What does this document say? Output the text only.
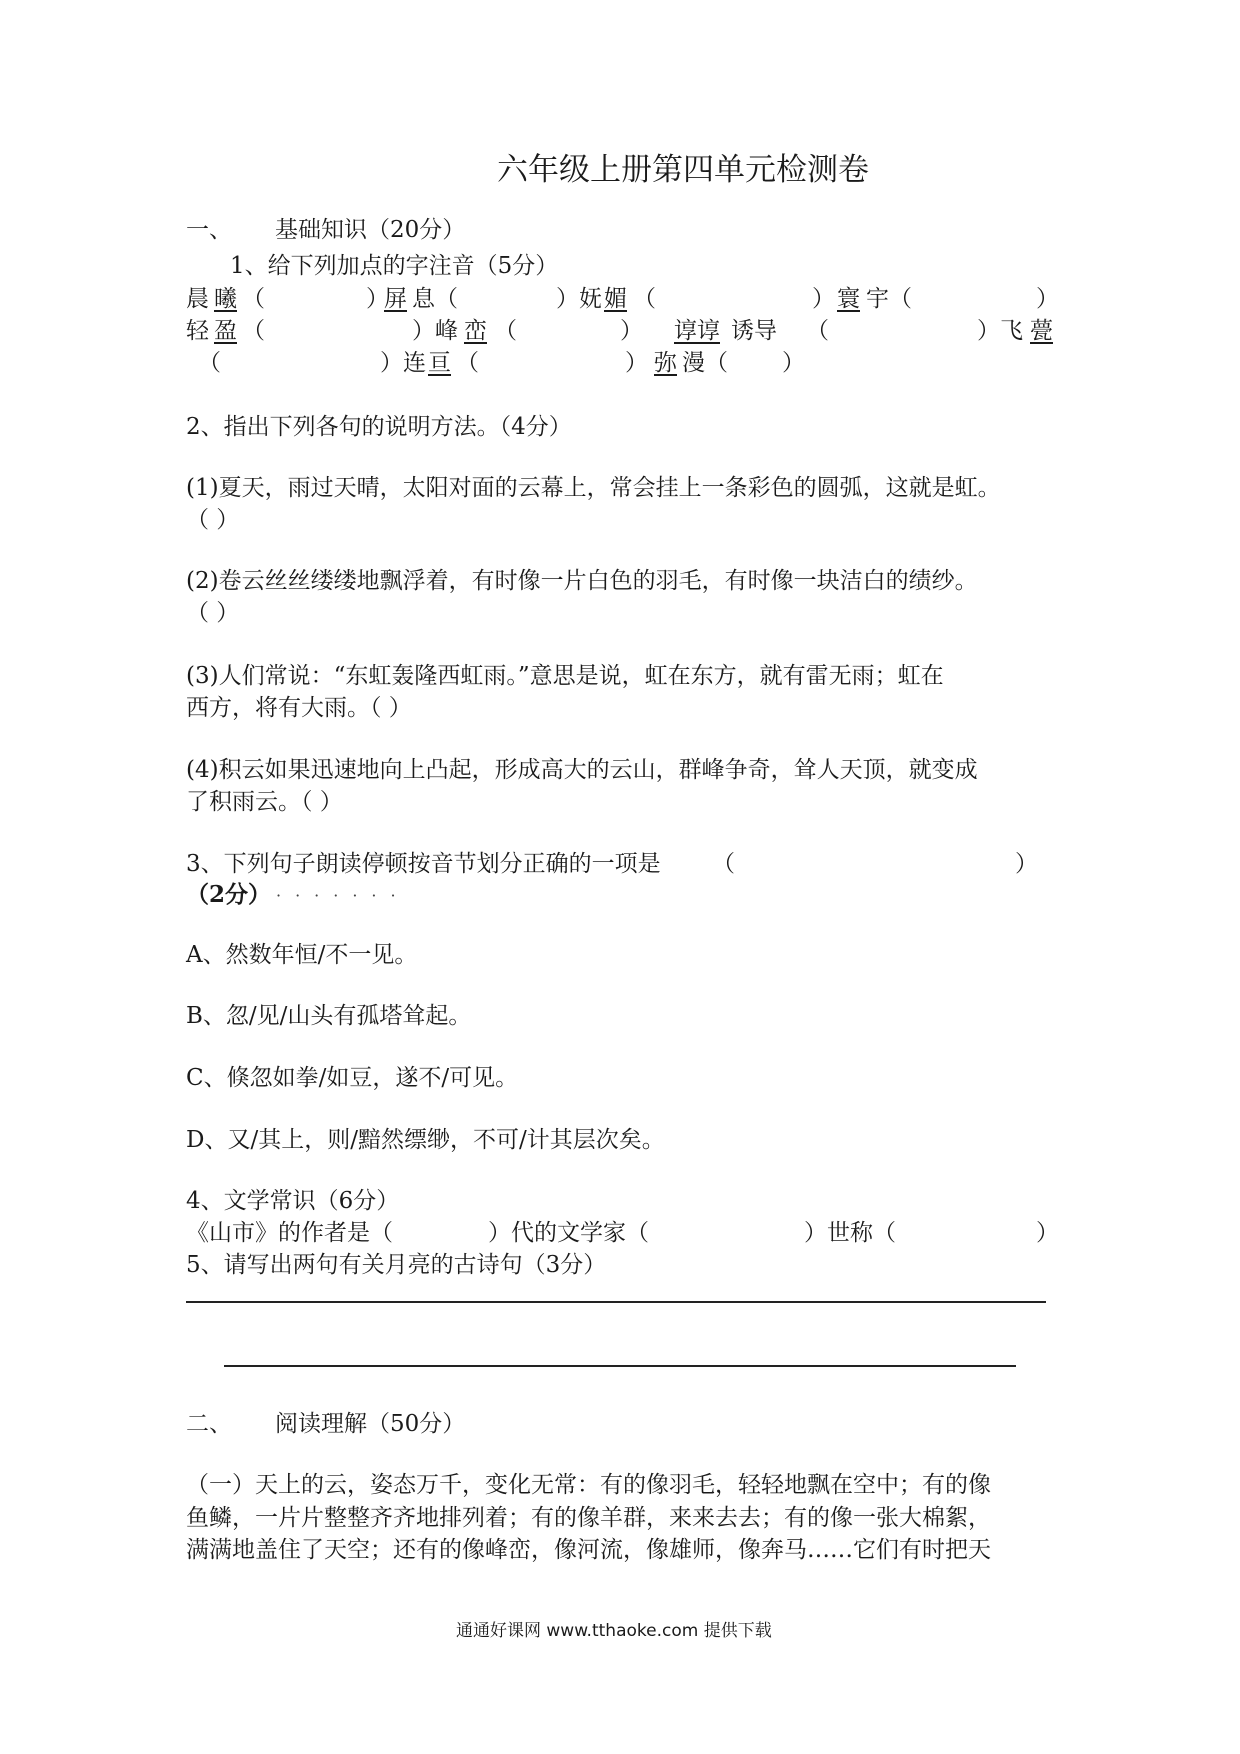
六年级上册第四单元检测卷
一、 基础知识（20分）
1、给下列加点的字注音（5分）
晨 曦 （	）
屏 息（	）妩 媚 （	） 寰 宇（	）
轻 盈 （	）峰 峦 （	） 谆谆 诱导 （	）飞 甍
（	）连 亘 （	） 弥 漫（ ）
2、指出下列各句的说明方法。（4分）
(1)夏天，雨过天晴，太阳对面的云幕上，常会挂上一条彩色的圆弧，这就是虹。
（ ）
(2)卷云丝丝缕缕地飘浮着，有时像一片白色的羽毛，有时像一块洁白的绩纱。
（ ）
(3)人们常说：“东虹轰隆西虹雨。”意思是说，虹在东方，就有雷无雨；虹在
西方，将有大雨。（ ）
(4)积云如果迅速地向上凸起，形成高大的云山，群峰争奇，耸人天顶，就变成
了积雨云。（ ）
3、下列句子朗读停顿按音节划分正确的一项是 （	）
（2分） ·······
A、然数年恒/不一见。
B、忽/见/山头有孤塔耸起。
C、倏忽如拳/如豆，遂不/可见。
D、又/其上，则/黯然缥缈，不可/计其层次矣。
4、文学常识（6分）
《山市》的作者是（	）代的文学家（	）世称（	）
5、请写出两句有关月亮的古诗句（3分）
二、 阅读理解（50分）
（一）天上的云，姿态万千，变化无常：有的像羽毛，轻轻地飘在空中；有的像
鱼鳞，一片片整整齐齐地排列着；有的像羊群，来来去去；有的像一张大棉絮，
满满地盖住了天空；还有的像峰峦，像河流，像雄师，像奔马……它们有时把天
通通好课网 www.tthaoke.com 提供下载
